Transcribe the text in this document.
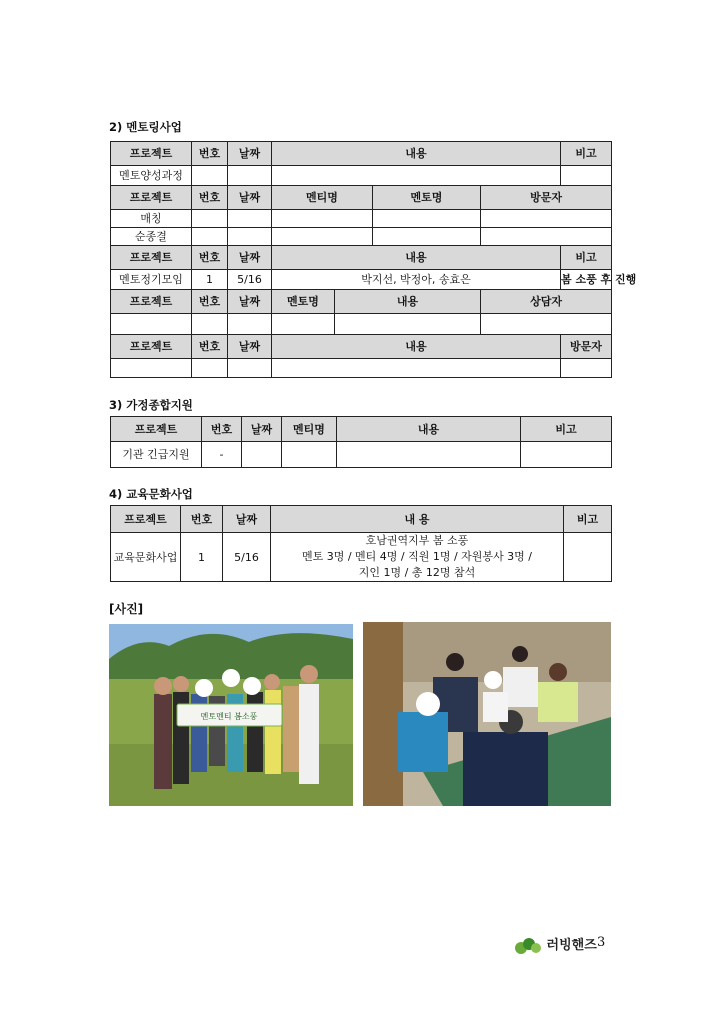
2) 멘토링사업
프로젝트	번호	날짜	내용				비고
멘토양성과정							
프로젝트	번호	날짜	멘티명		멘토명	방문자	
매칭							
순종결							
프로젝트	번호	날짜	내용				비고
멘토정기모임	1	5/16	박지선, 박정아, 송효은				봄 소풍 후 진행
프로젝트	번호	날짜	멘토명	내용		상담자	

프로젝트	번호	날짜	내용	방문자

3) 가정종합지원
프로젝트	번호	날짜	멘티명	내용	비고
기관 긴급지원	-				
4) 교육문화사업
프로젝트	번호	날짜	내 용	비고
교육문화사업	1	5/16	호남권역지부 봄 소풍
멘토 3명 / 멘티 4명 / 직원 1명 / 자원봉사 3명 /
지인 1명 / 총 12명 참석	

[사진]
멘토멘티 봄소풍
러빙핸즈 3
